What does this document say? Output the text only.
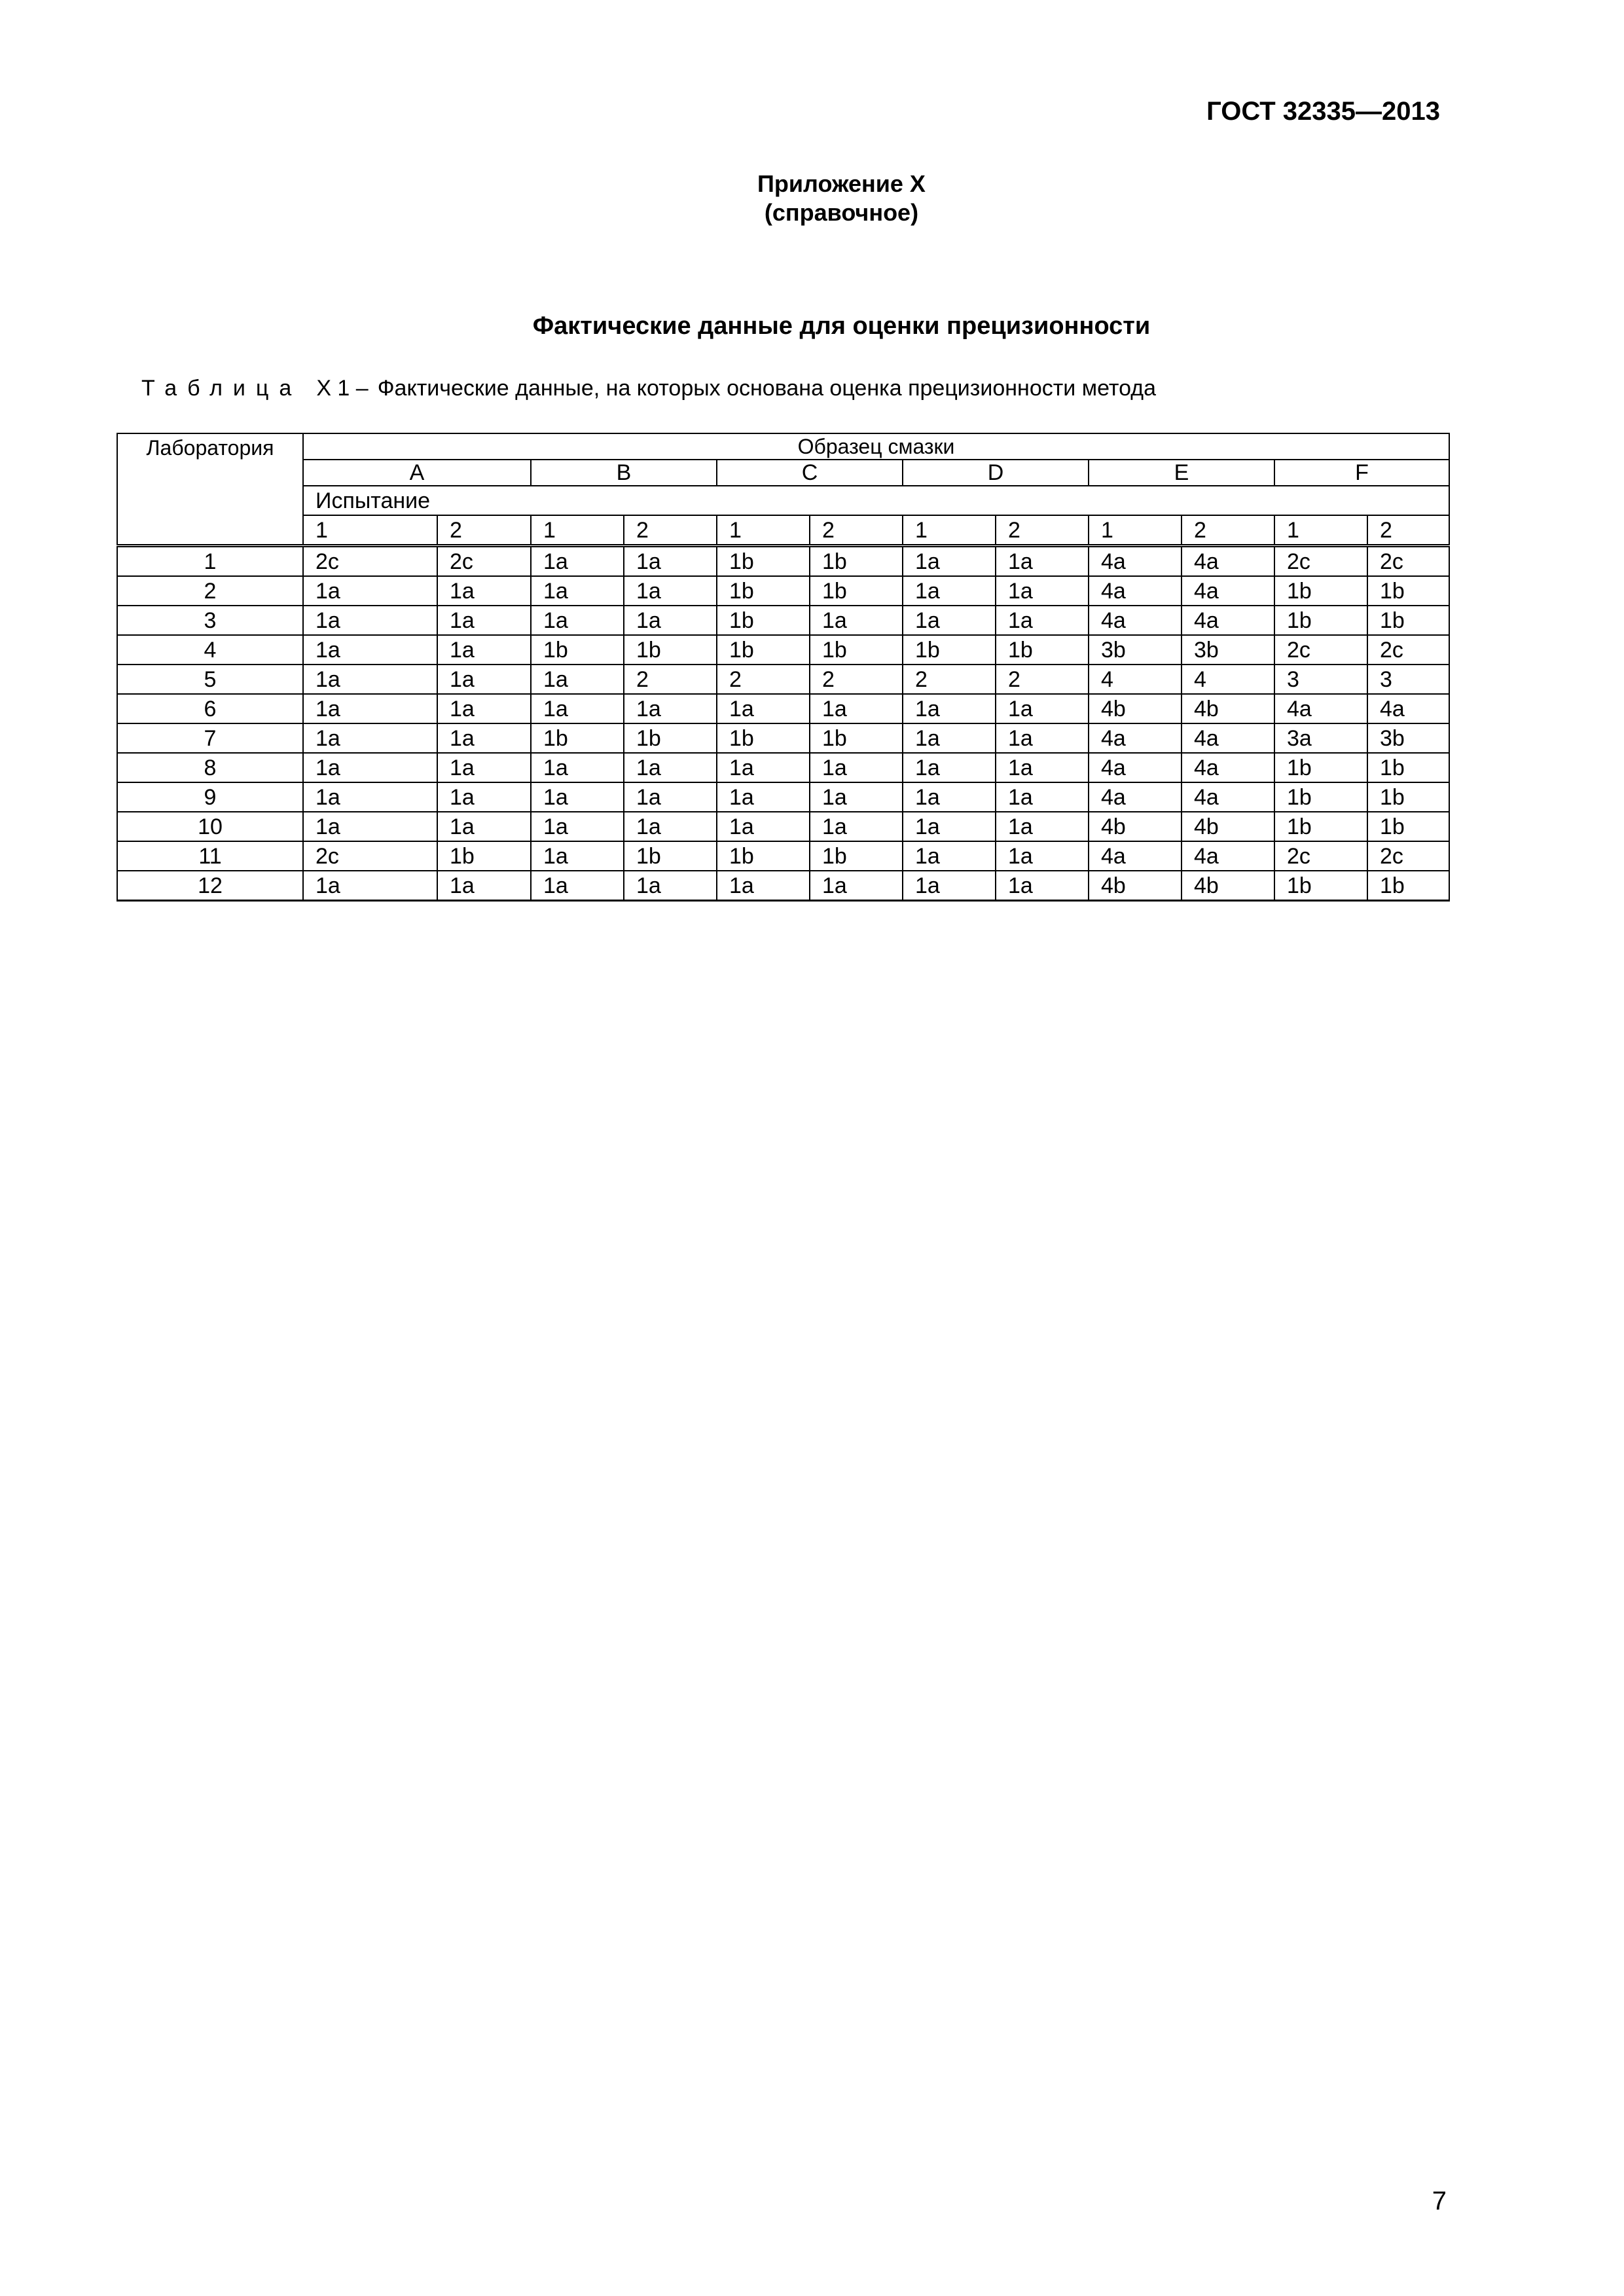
ГОСТ 32335—2013
Приложение X
(справочное)
Фактические данные для оценки прецизионности
Таблица X 1 – Фактические данные, на которых основана оценка прецизионности метода
Лаборатория	Образец смазки											
	A		B		C		D		E		F	
	Испытание											
	1	2	1	2	1	2	1	2	1	2	1	2
1	2c	2c	1a	1a	1b	1b	1a	1a	4a	4a	2c	2c
2	1a	1a	1a	1a	1b	1b	1a	1a	4a	4a	1b	1b
3	1a	1a	1a	1a	1b	1a	1a	1a	4a	4a	1b	1b
4	1a	1a	1b	1b	1b	1b	1b	1b	3b	3b	2c	2c
5	1a	1a	1a	2	2	2	2	2	4	4	3	3
6	1a	1a	1a	1a	1a	1a	1a	1a	4b	4b	4a	4a
7	1a	1a	1b	1b	1b	1b	1a	1a	4a	4a	3a	3b
8	1a	1a	1a	1a	1a	1a	1a	1a	4a	4a	1b	1b
9	1a	1a	1a	1a	1a	1a	1a	1a	4a	4a	1b	1b
10	1a	1a	1a	1a	1a	1a	1a	1a	4b	4b	1b	1b
11	2c	1b	1a	1b	1b	1b	1a	1a	4a	4a	2c	2c
12	1a	1a	1a	1a	1a	1a	1a	1a	4b	4b	1b	1b
7
